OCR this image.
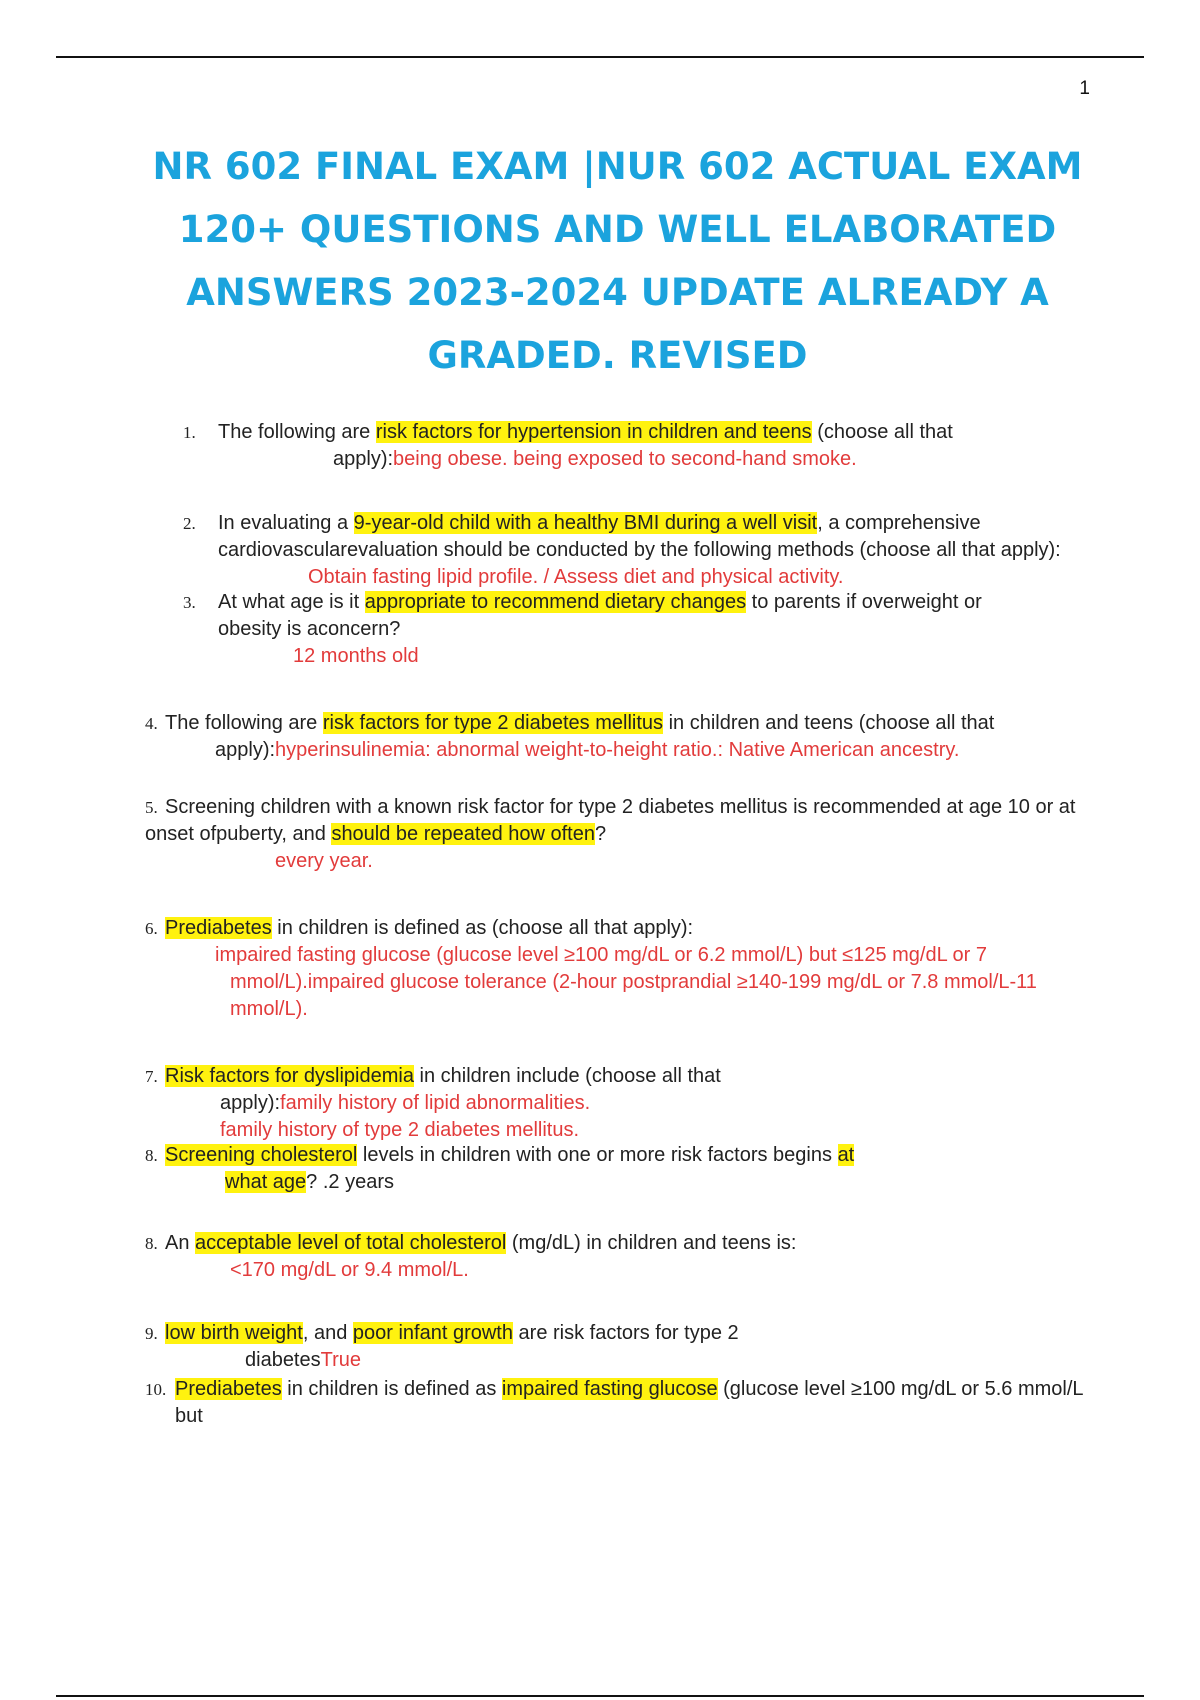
1
NR 602 FINAL EXAM |NUR 602 ACTUAL EXAM
120+ QUESTIONS AND WELL ELABORATED
ANSWERS 2023-2024 UPDATE ALREADY A
GRADED. REVISED
1. The following are risk factors for hypertension in children and teens (choose all that
apply):being obese. being exposed to second-hand smoke.
2. In evaluating a 9-year-old child with a healthy BMI during a well visit, a comprehensive
cardiovascularevaluation should be conducted by the following methods (choose all that apply):
Obtain fasting lipid profile. / Assess diet and physical activity.
3. At what age is it appropriate to recommend dietary changes to parents if overweight or
obesity is aconcern?
12 months old
4. The following are risk factors for type 2 diabetes mellitus in children and teens (choose all that
apply):hyperinsulinemia: abnormal weight-to-height ratio.: Native American ancestry.
5. Screening children with a known risk factor for type 2 diabetes mellitus is recommended at age 10 or at
onset ofpuberty, and should be repeated how often?
every year.
6. Prediabetes in children is defined as (choose all that apply):
impaired fasting glucose (glucose level ≥100 mg/dL or 6.2 mmol/L) but ≤125 mg/dL or 7
mmol/L).impaired glucose tolerance (2-hour postprandial ≥140-199 mg/dL or 7.8 mmol/L-11
mmol/L).
7. Risk factors for dyslipidemia in children include (choose all that
apply):family history of lipid abnormalities.
family history of type 2 diabetes mellitus.
8. Screening cholesterol levels in children with one or more risk factors begins at
what age? .2 years
8. An acceptable level of total cholesterol (mg/dL) in children and teens is:
<170 mg/dL or 9.4 mmol/L.
9. low birth weight, and poor infant growth are risk factors for type 2
diabetesTrue
10. Prediabetes in children is defined as impaired fasting glucose (glucose level ≥100 mg/dL or 5.6 mmol/L
but
